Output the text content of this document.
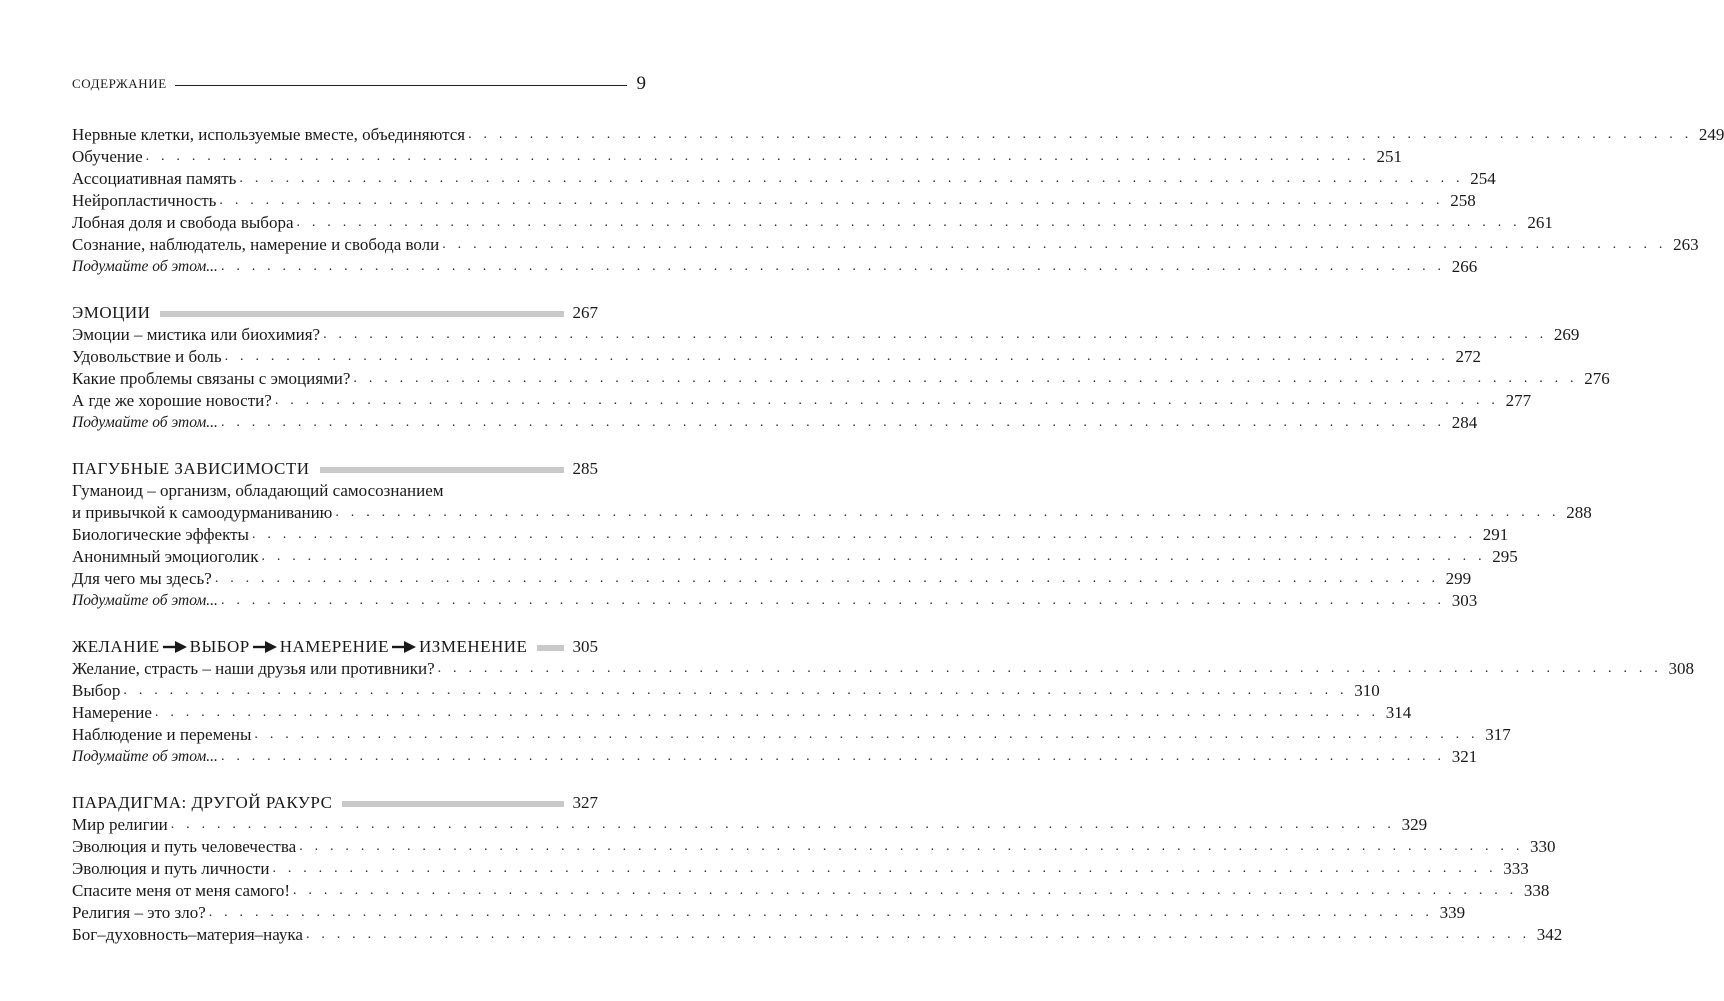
СОДЕРЖАНИЕ	9
Нервные клетки, используемые вместе, объединяются . . . . . . . . . . . . . . . . . . . . . . . . . . . . . . . . . . . . . . . . . . . . . . . . . . . . . . . . . . . . . . . . . . . . . . . . . . . . . . . . 249
Обучение . . . . . . . . . . . . . . . . . . . . . . . . . . . . . . . . . . . . . . . . . . . . . . . . . . . . . . . . . . . . . . . . . . . . . . . . . . . . . . . . 251
Ассоциативная память . . . . . . . . . . . . . . . . . . . . . . . . . . . . . . . . . . . . . . . . . . . . . . . . . . . . . . . . . . . . . . . . . . . . . . . . . . . . . . . . 254
Нейропластичность . . . . . . . . . . . . . . . . . . . . . . . . . . . . . . . . . . . . . . . . . . . . . . . . . . . . . . . . . . . . . . . . . . . . . . . . . . . . . . . . 258
Лобная доля и свобода выбора . . . . . . . . . . . . . . . . . . . . . . . . . . . . . . . . . . . . . . . . . . . . . . . . . . . . . . . . . . . . . . . . . . . . . . . . . . . . . . . . 261
Сознание, наблюдатель, намерение и свобода воли . . . . . . . . . . . . . . . . . . . . . . . . . . . . . . . . . . . . . . . . . . . . . . . . . . . . . . . . . . . . . . . . . . . . . . . . . . . . . . . . 263
Подумайте об этом... . . . . . . . . . . . . . . . . . . . . . . . . . . . . . . . . . . . . . . . . . . . . . . . . . . . . . . . . . . . . . . . . . . . . . . . . . . . . . . . . 266
ЭМОЦИИ	267
Эмоции – мистика или биохимия? . . . . . . . . . . . . . . . . . . . . . . . . . . . . . . . . . . . . . . . . . . . . . . . . . . . . . . . . . . . . . . . . . . . . . . . . . . . . . . . . 269
Удовольствие и боль . . . . . . . . . . . . . . . . . . . . . . . . . . . . . . . . . . . . . . . . . . . . . . . . . . . . . . . . . . . . . . . . . . . . . . . . . . . . . . . . 272
Какие проблемы связаны с эмоциями? . . . . . . . . . . . . . . . . . . . . . . . . . . . . . . . . . . . . . . . . . . . . . . . . . . . . . . . . . . . . . . . . . . . . . . . . . . . . . . . . 276
А где же хорошие новости? . . . . . . . . . . . . . . . . . . . . . . . . . . . . . . . . . . . . . . . . . . . . . . . . . . . . . . . . . . . . . . . . . . . . . . . . . . . . . . . . 277
Подумайте об этом... . . . . . . . . . . . . . . . . . . . . . . . . . . . . . . . . . . . . . . . . . . . . . . . . . . . . . . . . . . . . . . . . . . . . . . . . . . . . . . . . 284
ПАГУБНЫЕ ЗАВИСИМОСТИ	285
Гуманоид – организм, обладающий самосознанием
и привычкой к самоодурманиванию . . . . . . . . . . . . . . . . . . . . . . . . . . . . . . . . . . . . . . . . . . . . . . . . . . . . . . . . . . . . . . . . . . . . . . . . . . . . . . . . 288
Биологические эффекты . . . . . . . . . . . . . . . . . . . . . . . . . . . . . . . . . . . . . . . . . . . . . . . . . . . . . . . . . . . . . . . . . . . . . . . . . . . . . . . . 291
Анонимный эмоциоголик . . . . . . . . . . . . . . . . . . . . . . . . . . . . . . . . . . . . . . . . . . . . . . . . . . . . . . . . . . . . . . . . . . . . . . . . . . . . . . . . 295
Для чего мы здесь? . . . . . . . . . . . . . . . . . . . . . . . . . . . . . . . . . . . . . . . . . . . . . . . . . . . . . . . . . . . . . . . . . . . . . . . . . . . . . . . . 299
Подумайте об этом... . . . . . . . . . . . . . . . . . . . . . . . . . . . . . . . . . . . . . . . . . . . . . . . . . . . . . . . . . . . . . . . . . . . . . . . . . . . . . . . . 303
ЖЕЛАНИЕ ВЫБОР НАМЕРЕНИЕ ИЗМЕНЕНИЕ	305
Желание, страсть – наши друзья или противники? . . . . . . . . . . . . . . . . . . . . . . . . . . . . . . . . . . . . . . . . . . . . . . . . . . . . . . . . . . . . . . . . . . . . . . . . . . . . . . . . 308
Выбор . . . . . . . . . . . . . . . . . . . . . . . . . . . . . . . . . . . . . . . . . . . . . . . . . . . . . . . . . . . . . . . . . . . . . . . . . . . . . . . . 310
Намерение . . . . . . . . . . . . . . . . . . . . . . . . . . . . . . . . . . . . . . . . . . . . . . . . . . . . . . . . . . . . . . . . . . . . . . . . . . . . . . . . 314
Наблюдение и перемены . . . . . . . . . . . . . . . . . . . . . . . . . . . . . . . . . . . . . . . . . . . . . . . . . . . . . . . . . . . . . . . . . . . . . . . . . . . . . . . . 317
Подумайте об этом... . . . . . . . . . . . . . . . . . . . . . . . . . . . . . . . . . . . . . . . . . . . . . . . . . . . . . . . . . . . . . . . . . . . . . . . . . . . . . . . . 321
ПАРАДИГМА: ДРУГОЙ РАКУРС	327
Мир религии . . . . . . . . . . . . . . . . . . . . . . . . . . . . . . . . . . . . . . . . . . . . . . . . . . . . . . . . . . . . . . . . . . . . . . . . . . . . . . . . 329
Эволюция и путь человечества . . . . . . . . . . . . . . . . . . . . . . . . . . . . . . . . . . . . . . . . . . . . . . . . . . . . . . . . . . . . . . . . . . . . . . . . . . . . . . . . 330
Эволюция и путь личности . . . . . . . . . . . . . . . . . . . . . . . . . . . . . . . . . . . . . . . . . . . . . . . . . . . . . . . . . . . . . . . . . . . . . . . . . . . . . . . . 333
Спасите меня от меня самого! . . . . . . . . . . . . . . . . . . . . . . . . . . . . . . . . . . . . . . . . . . . . . . . . . . . . . . . . . . . . . . . . . . . . . . . . . . . . . . . . 338
Религия – это зло? . . . . . . . . . . . . . . . . . . . . . . . . . . . . . . . . . . . . . . . . . . . . . . . . . . . . . . . . . . . . . . . . . . . . . . . . . . . . . . . . 339
Бог–духовность–материя–наука . . . . . . . . . . . . . . . . . . . . . . . . . . . . . . . . . . . . . . . . . . . . . . . . . . . . . . . . . . . . . . . . . . . . . . . . . . . . . . . . 342
